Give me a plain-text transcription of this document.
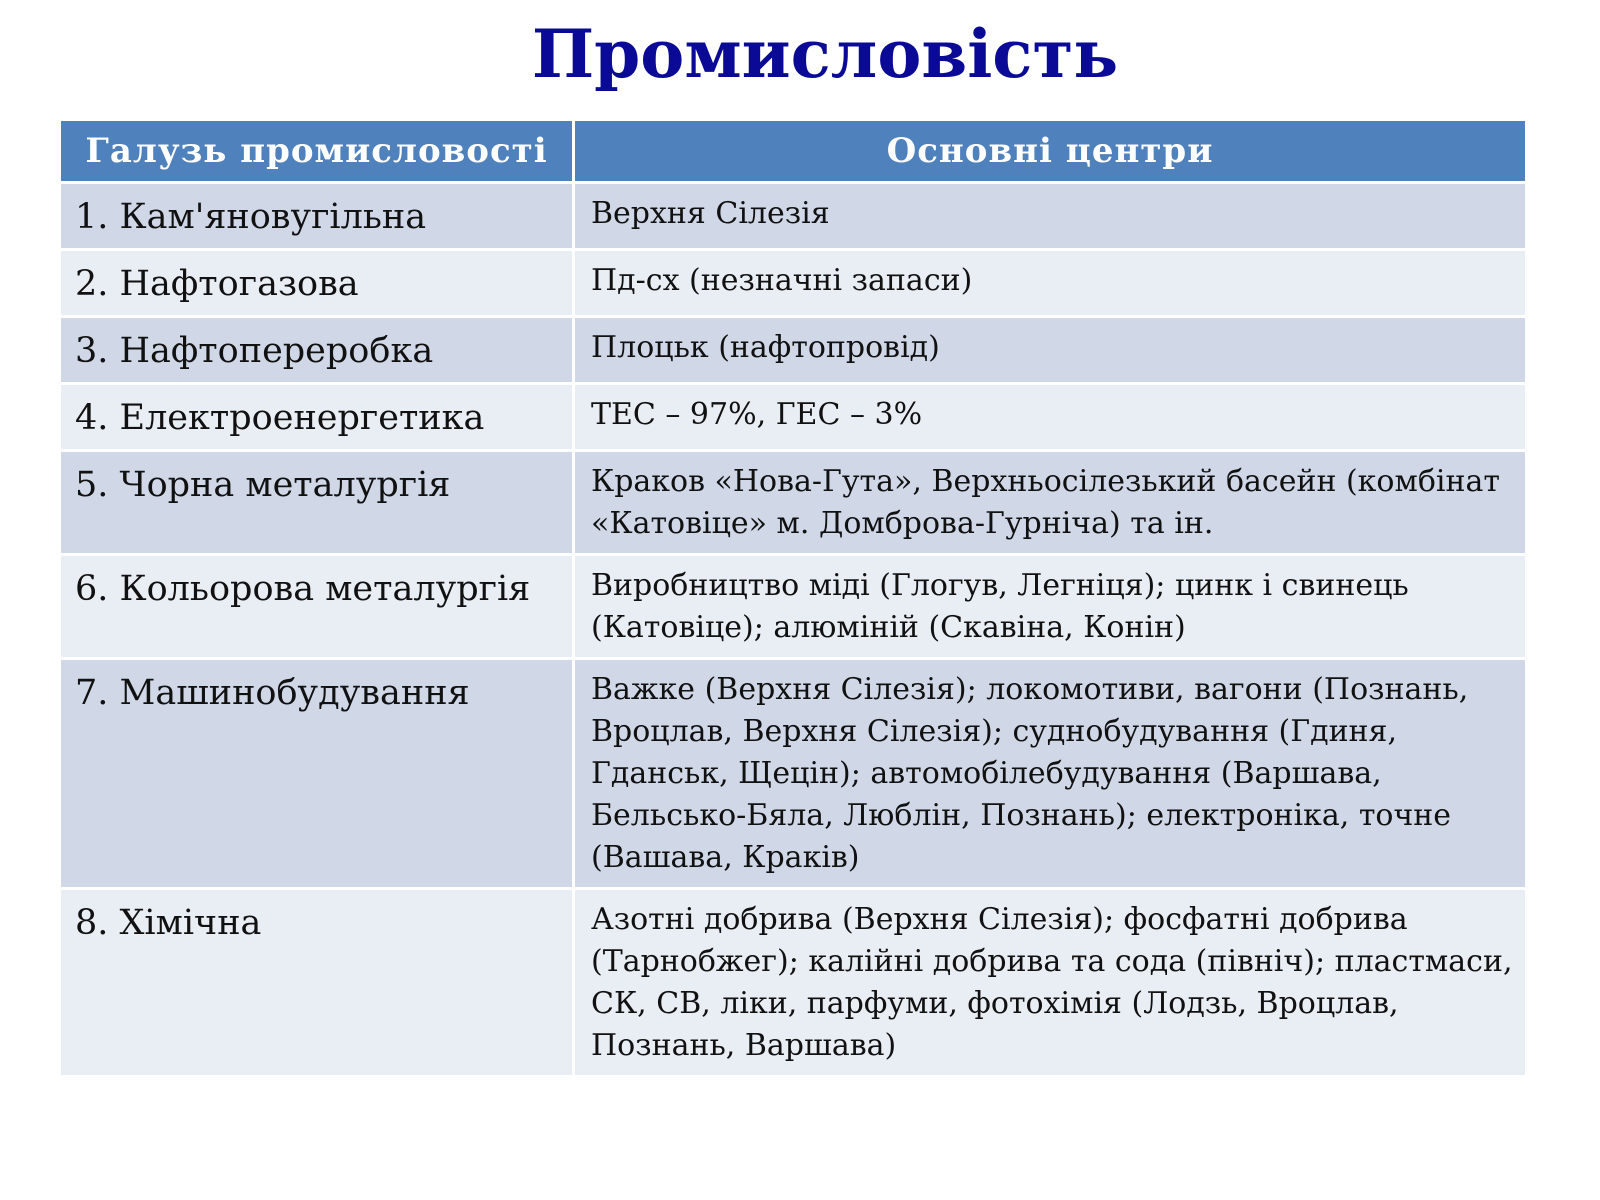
Промисловість
Галузь промисловості	Основні центри
1. Кам'яновугільна	Верхня Сілезія
2. Нафтогазова	Пд-сх (незначні запаси)
3. Нафтопереробка	Плоцьк (нафтопровід)
4. Електроенергетика	ТЕС – 97%, ГЕС – 3%
5. Чорна металургія	Краков «Нова-Гута», Верхньосілезький басейн (комбінат «Катовіце» м. Домброва-Гурніча) та ін.
6. Кольорова металургія	Виробництво міді (Глогув, Легніця); цинк і свинець (Катовіце); алюміній (Скавіна, Конін)
7. Машинобудування	Важке (Верхня Сілезія); локомотиви, вагони (Познань, Вроцлав, Верхня Сілезія); суднобудування (Гдиня, Гданськ, Щецін); автомобілебудування (Варшава, Бельсько-Бяла, Люблін, Познань); електроніка, точне (Вашава, Краків)
8. Хімічна	Азотні добрива (Верхня Сілезія); фосфатні добрива (Тарнобжег); калійні добрива та сода (північ); пластмаси, СК, СВ, ліки, парфуми, фотохімія (Лодзь, Вроцлав, Познань, Варшава)
